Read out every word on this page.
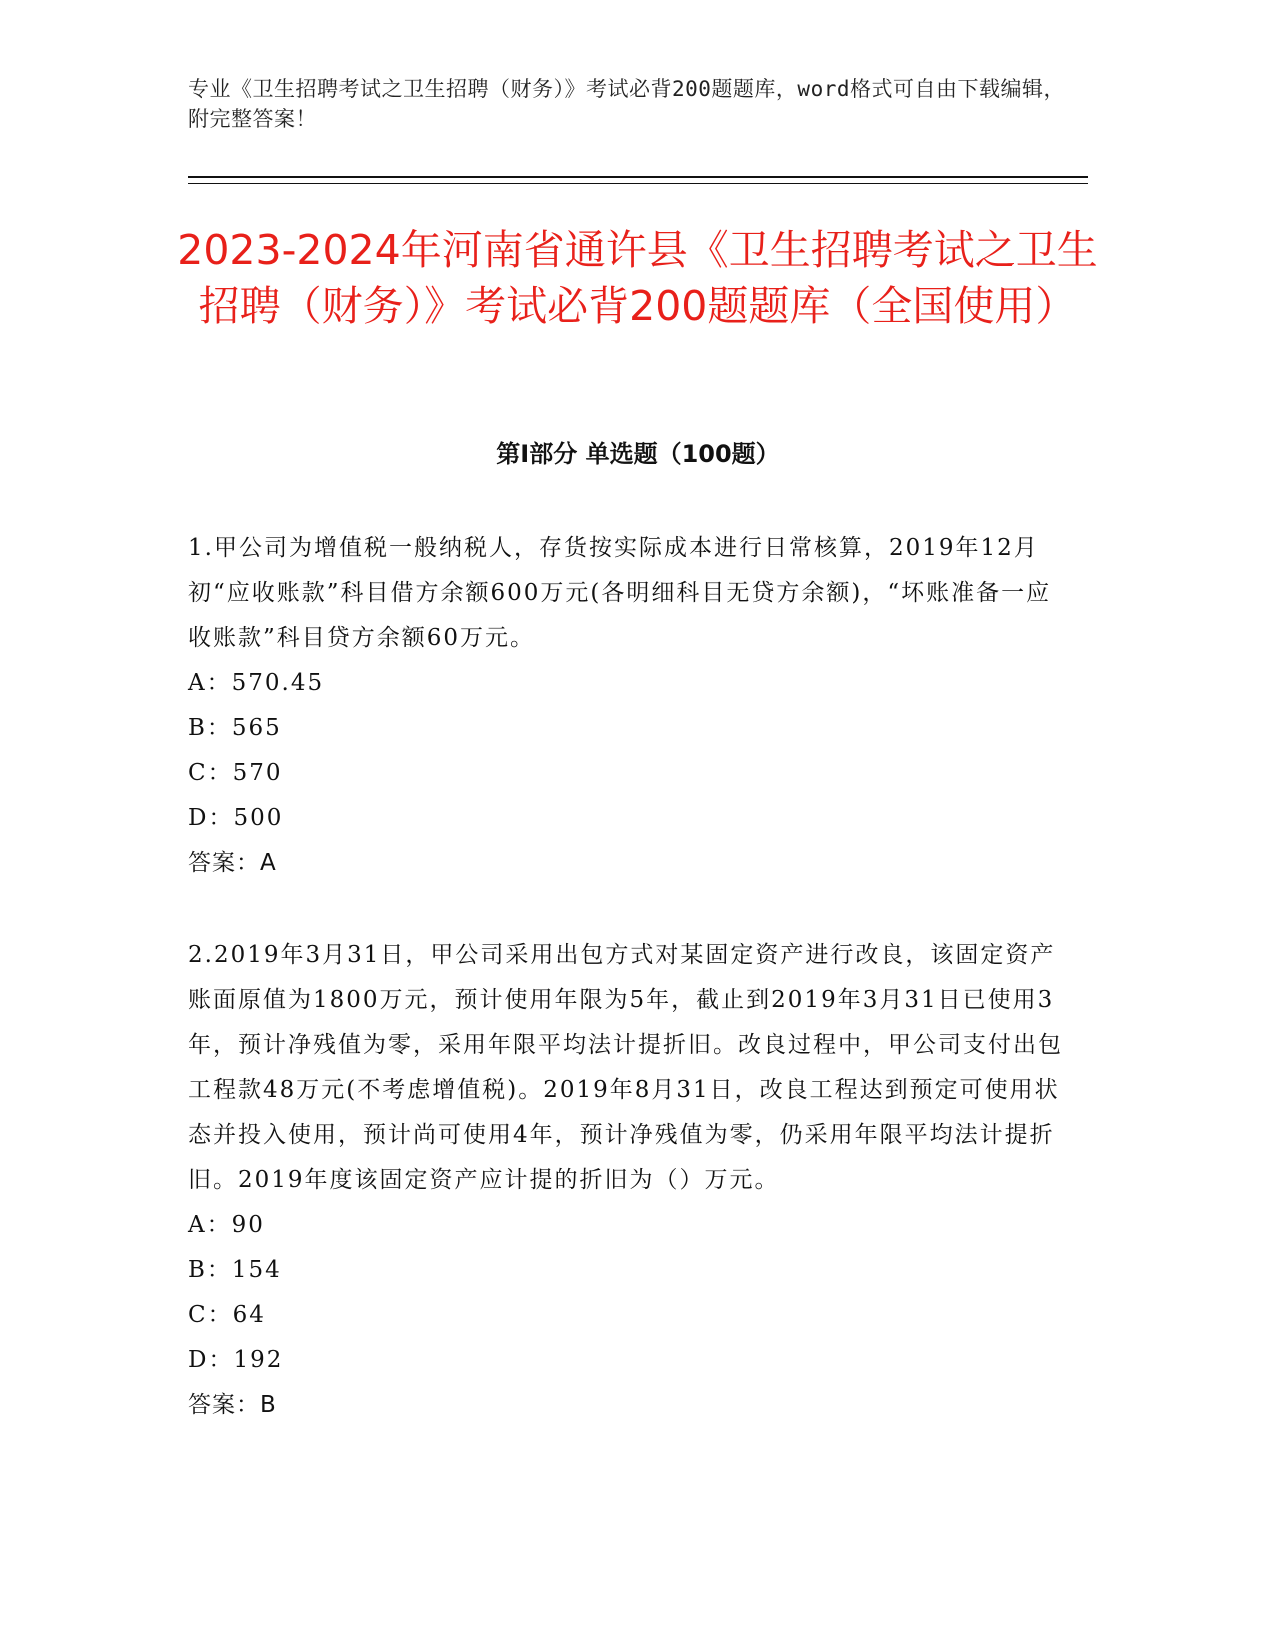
专业《卫生招聘考试之卫生招聘（财务）》考试必背200题题库，word格式可自由下载编辑，附完整答案！
2023-2024年河南省通许县《卫生招聘考试之卫生招聘（财务）》考试必背200题题库（全国使用）
第Ⅰ部分 单选题（100题）

1.甲公司为增值税一般纳税人，存货按实际成本进行日常核算，2019年12月初“应收账款”科目借方余额600万元(各明细科目无贷方余额)，“坏账准备一应收账款”科目贷方余额60万元。

A：570.45

B：565

C：570

D：500

答案：A

2.2019年3月31日，甲公司采用出包方式对某固定资产进行改良，该固定资产账面原值为1800万元，预计使用年限为5年，截止到2019年3月31日已使用3年，预计净残值为零，采用年限平均法计提折旧。改良过程中，甲公司支付出包工程款48万元(不考虑增值税)。2019年8月31日，改良工程达到预定可使用状态并投入使用，预计尚可使用4年，预计净残值为零，仍采用年限平均法计提折旧。2019年度该固定资产应计提的折旧为（）万元。

A：90

B：154

C：64

D：192

答案：B
